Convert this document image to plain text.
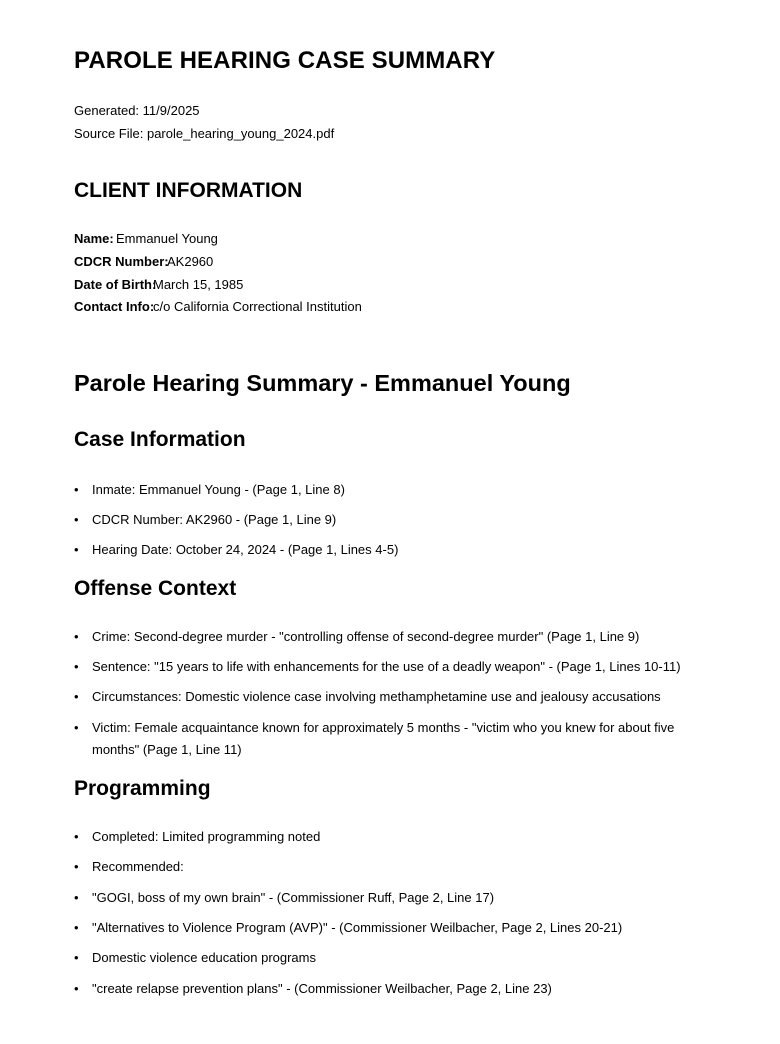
PAROLE HEARING CASE SUMMARY
Generated: 11/9/2025
Source File: parole_hearing_young_2024.pdf
CLIENT INFORMATION
Name: Emmanuel Young
CDCR Number:
AK2960
Date of Birth:
March 15, 1985
Contact Info:
c/o California Correctional Institution
Parole Hearing Summary - Emmanuel Young
Case Information
• Inmate: Emmanuel Young - (Page 1, Line 8)
• CDCR Number: AK2960 - (Page 1, Line 9)
• Hearing Date: October 24, 2024 - (Page 1, Lines 4-5)
Offense Context
• Crime: Second-degree murder - "controlling offense of second-degree murder" (Page 1, Line 9)
• Sentence: "15 years to life with enhancements for the use of a deadly weapon" - (Page 1, Lines 10-11)
• Circumstances: Domestic violence case involving methamphetamine use and jealousy accusations
• Victim: Female acquaintance known for approximately 5 months - "victim who you knew for about five months" (Page 1, Line 11)
Programming
• Completed: Limited programming noted
• Recommended:
• "GOGI, boss of my own brain" - (Commissioner Ruff, Page 2, Line 17)
• "Alternatives to Violence Program (AVP)" - (Commissioner Weilbacher, Page 2, Lines 20-21)
• Domestic violence education programs
• "create relapse prevention plans" - (Commissioner Weilbacher, Page 2, Line 23)
